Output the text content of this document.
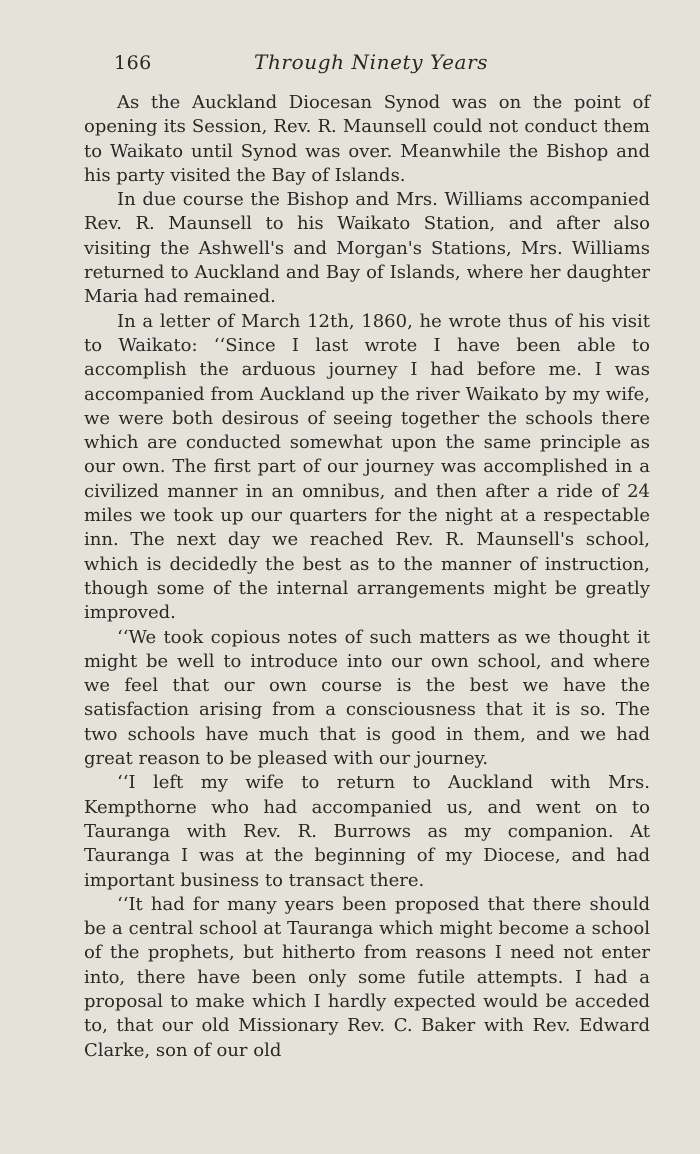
166	Through Ninety Years

As the Auckland Diocesan Synod was on the point of opening its Session, Rev. R. Maunsell could not conduct them to Waikato until Synod was over. Meanwhile the Bishop and his party visited the Bay of Islands.

In due course the Bishop and Mrs. Williams accompanied Rev. R. Maunsell to his Waikato Station, and after also visiting the Ashwell's and Morgan's Stations, Mrs. Williams returned to Auckland and Bay of Islands, where her daughter Maria had remained.

In a letter of March 12th, 1860, he wrote thus of his visit to Waikato: ‘‘Since I last wrote I have been able to accomplish the arduous journey I had before me. I was accompanied from Auckland up the river Waikato by my wife, we were both desirous of seeing together the schools there which are conducted somewhat upon the same principle as our own. The first part of our journey was accomplished in a civilized manner in an omnibus, and then after a ride of 24 miles we took up our quarters for the night at a respectable inn. The next day we reached Rev. R. Maunsell's school, which is decidedly the best as to the manner of instruction, though some of the internal arrangements might be greatly improved.

‘‘We took copious notes of such matters as we thought it might be well to introduce into our own school, and where we feel that our own course is the best we have the satisfaction arising from a consciousness that it is so. The two schools have much that is good in them, and we had great reason to be pleased with our journey.

‘‘I left my wife to return to Auckland with Mrs. Kempthorne who had accompanied us, and went on to Tauranga with Rev. R. Burrows as my companion. At Tauranga I was at the beginning of my Diocese, and had important business to transact there.

‘‘It had for many years been proposed that there should be a central school at Tauranga which might become a school of the prophets, but hitherto from reasons I need not enter into, there have been only some futile attempts. I had a proposal to make which I hardly expected would be acceded to, that our old Missionary Rev. C. Baker with Rev. Edward Clarke, son of our old
